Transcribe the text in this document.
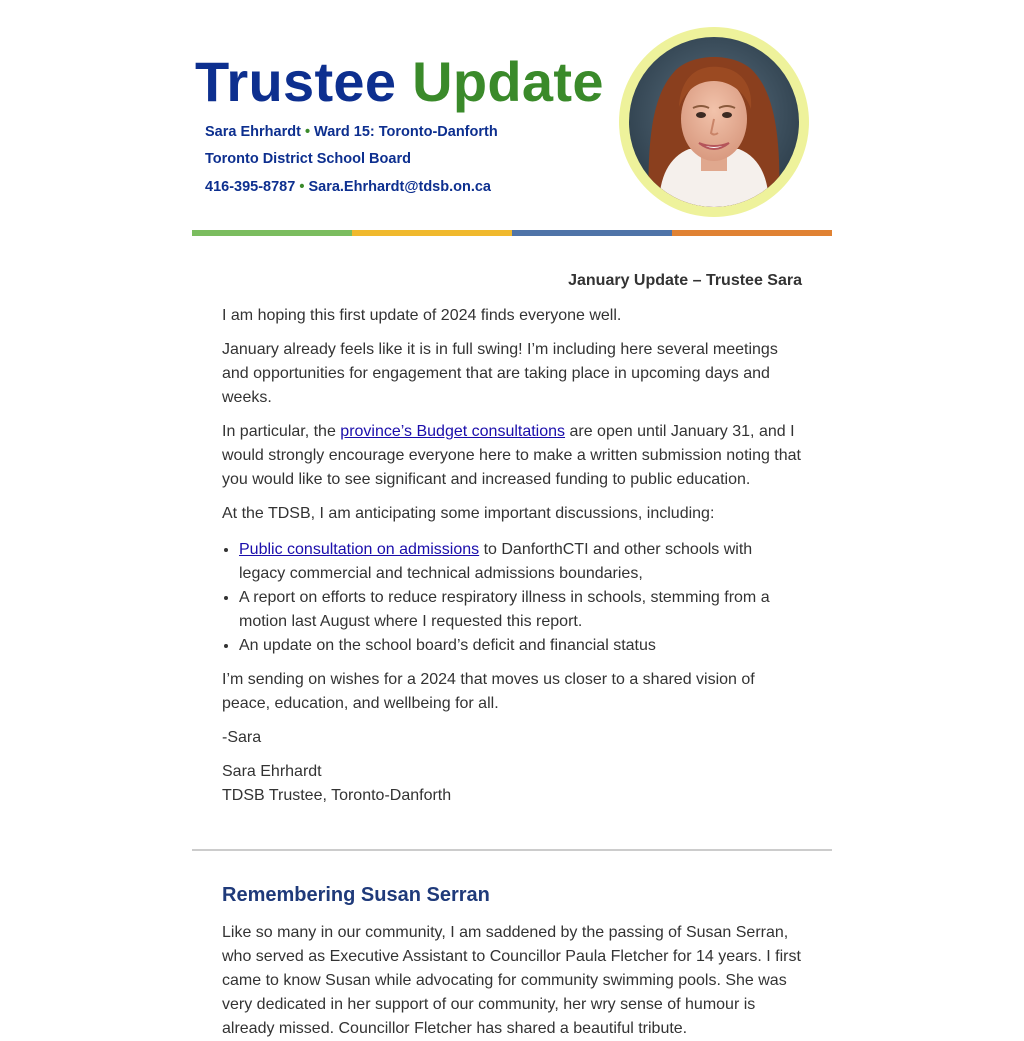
Trustee Update
Sara Ehrhardt • Ward 15: Toronto-Danforth
Toronto District School Board
416-395-8787 • Sara.Ehrhardt@tdsb.on.ca
January Update – Trustee Sara

I am hoping this first update of 2024 finds everyone well.

January already feels like it is in full swing! I’m including here several meetings and opportunities for engagement that are taking place in upcoming days and weeks.

In particular, the province’s Budget consultations are open until January 31, and I would strongly encourage everyone here to make a written submission noting that you would like to see significant and increased funding to public education.

At the TDSB, I am anticipating some important discussions, including:

• Public consultation on admissions to DanforthCTI and other schools with legacy commercial and technical admissions boundaries,
• A report on efforts to reduce respiratory illness in schools, stemming from a motion last August where I requested this report.
• An update on the school board’s deficit and financial status

I’m sending on wishes for a 2024 that moves us closer to a shared vision of peace, education, and wellbeing for all.

-Sara

Sara Ehrhardt

TDSB Trustee, Toronto-Danforth

Remembering Susan Serran

Like so many in our community, I am saddened by the passing of Susan Serran, who served as Executive Assistant to Councillor Paula Fletcher for 14 years. I first came to know Susan while advocating for community swimming pools. She was very dedicated in her support of our community, her wry sense of humour is already missed. Councillor Fletcher has shared a beautiful tribute.
